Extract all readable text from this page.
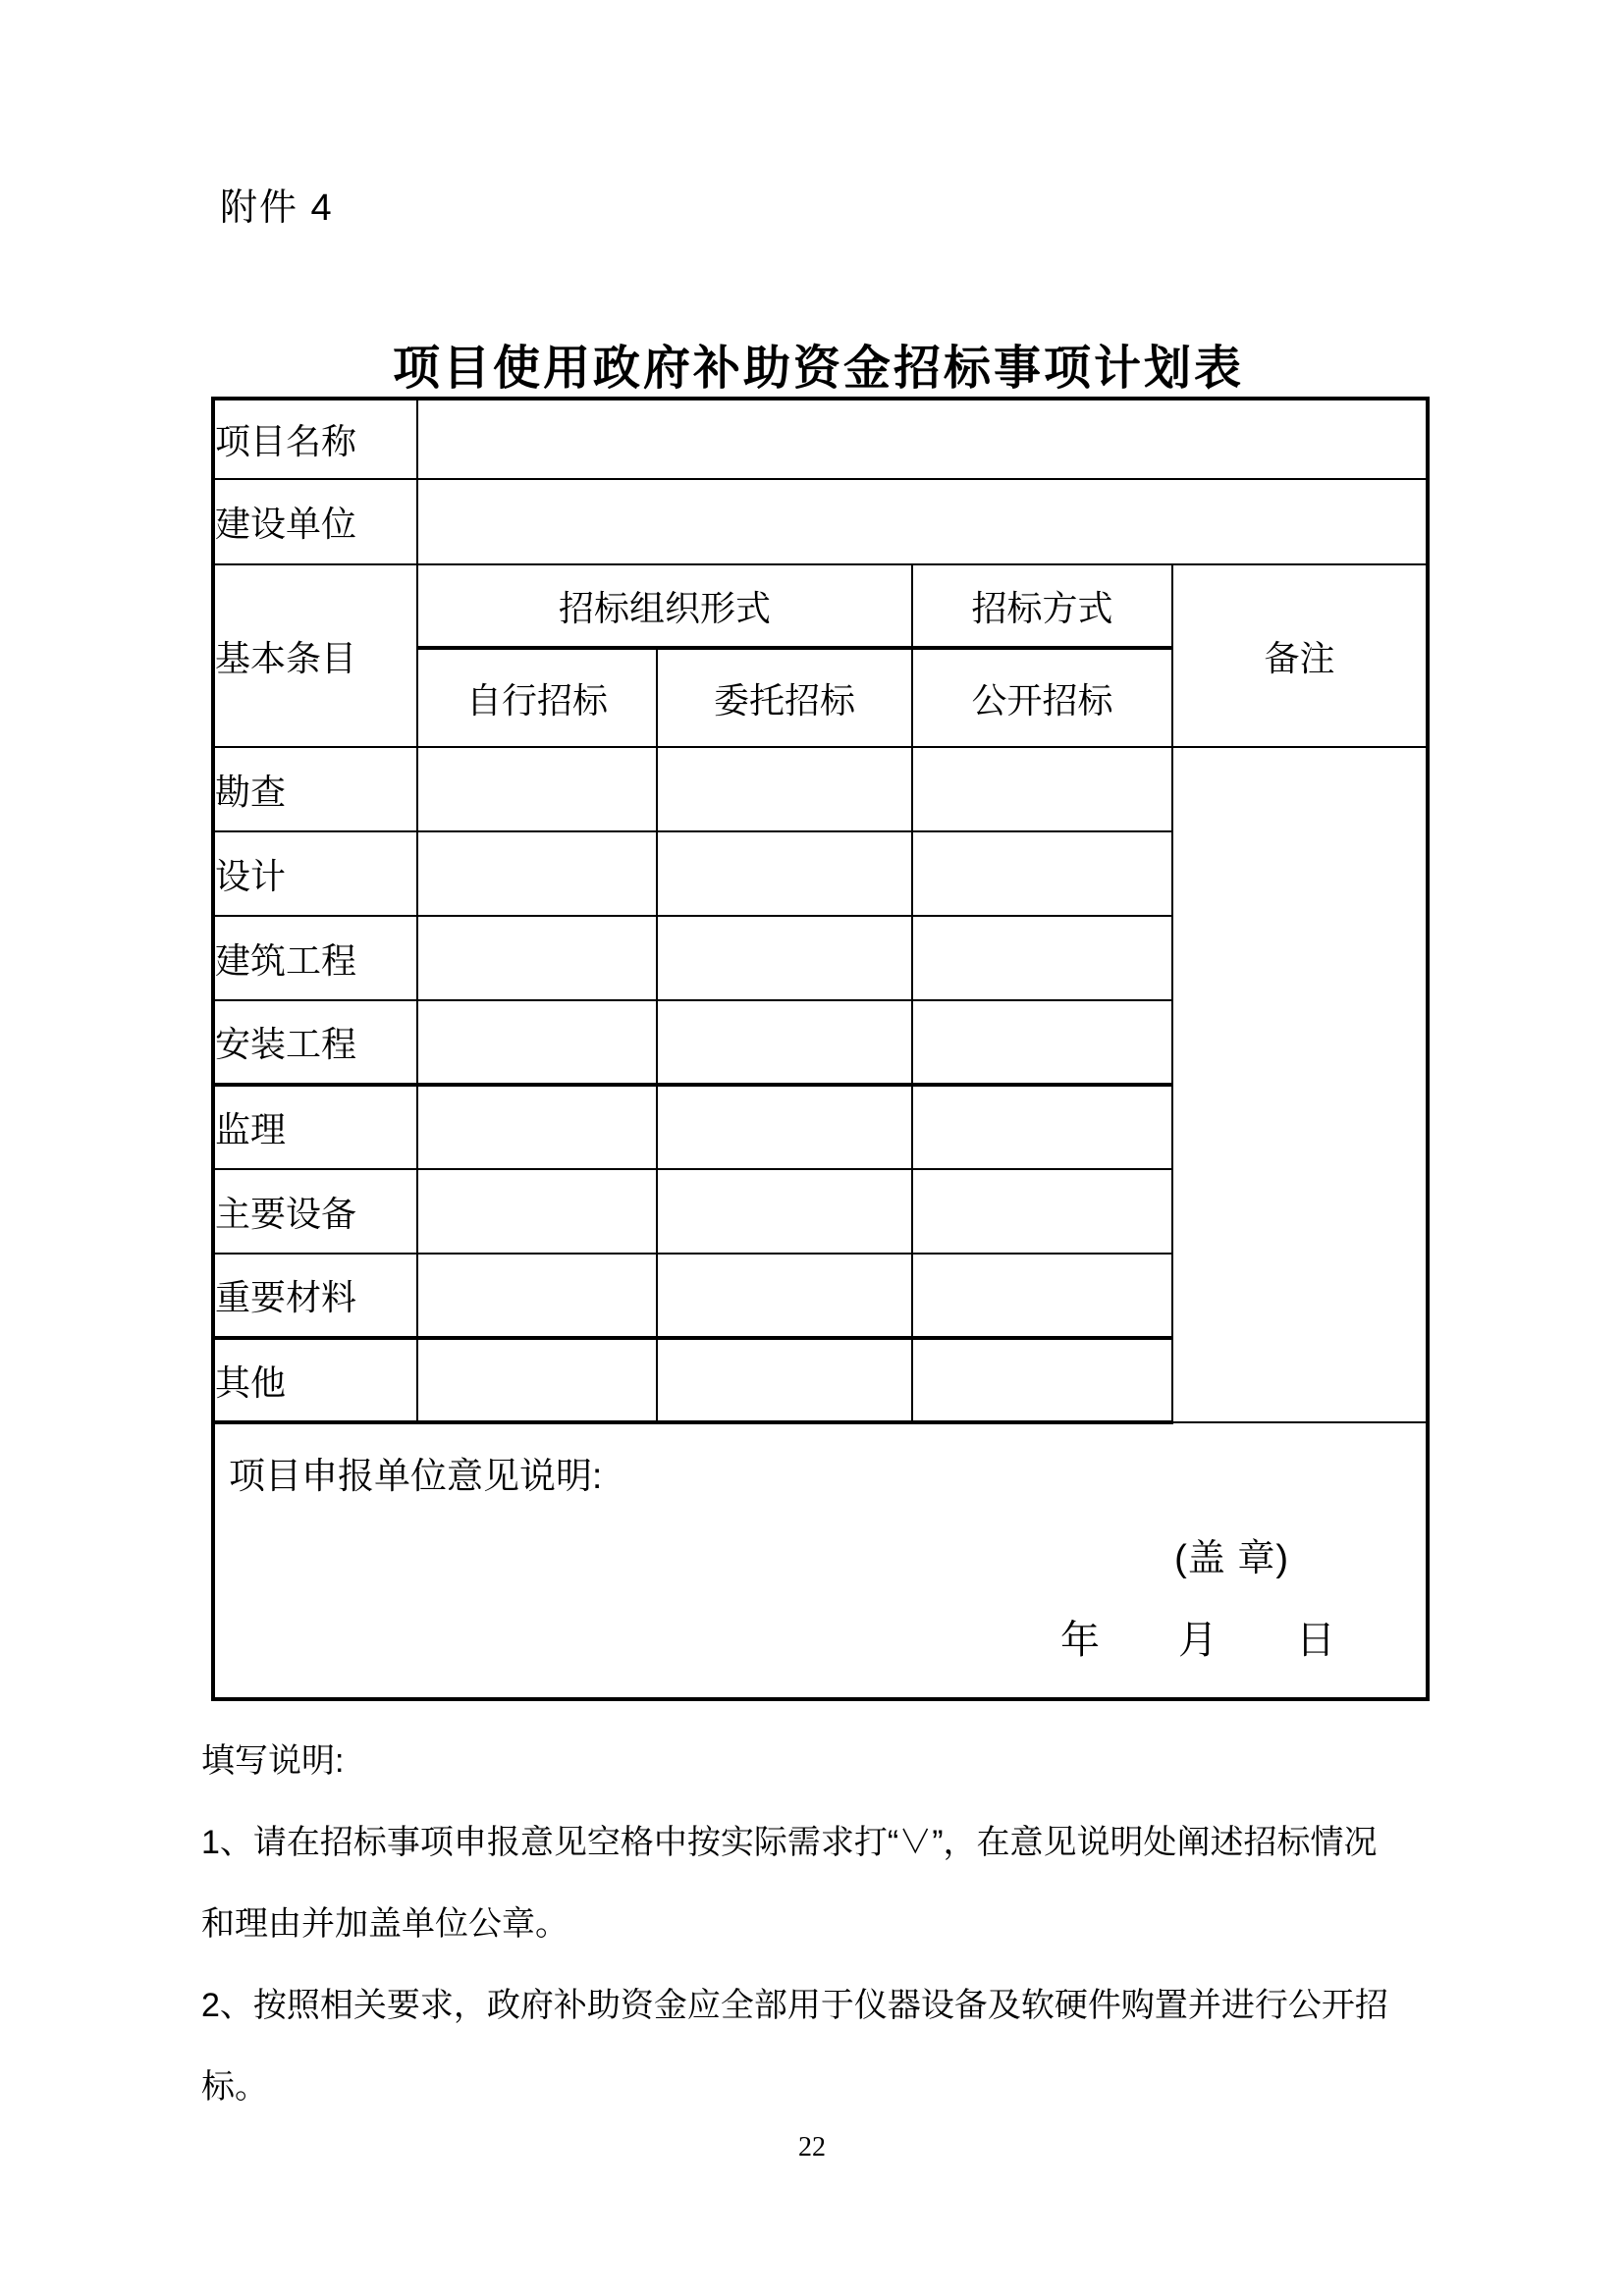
附件 4
项目使用政府补助资金招标事项计划表
项目名称				
建设单位				
基本条目	招标组织形式		招标方式	备注
	自行招标	委托招标	公开招标	
勘查				
设计				
建筑工程				
安装工程				
监理				
主要设备				
重要材料				
其他				

项目申报单位意见说明:
(盖 章)
年　　月　　日				
填写说明:
1、请在招标事项申报意见空格中按实际需求打“∨”，在意见说明处阐述招标情况
和理由并加盖单位公章。
2、按照相关要求，政府补助资金应全部用于仪器设备及软硬件购置并进行公开招
标。
22
